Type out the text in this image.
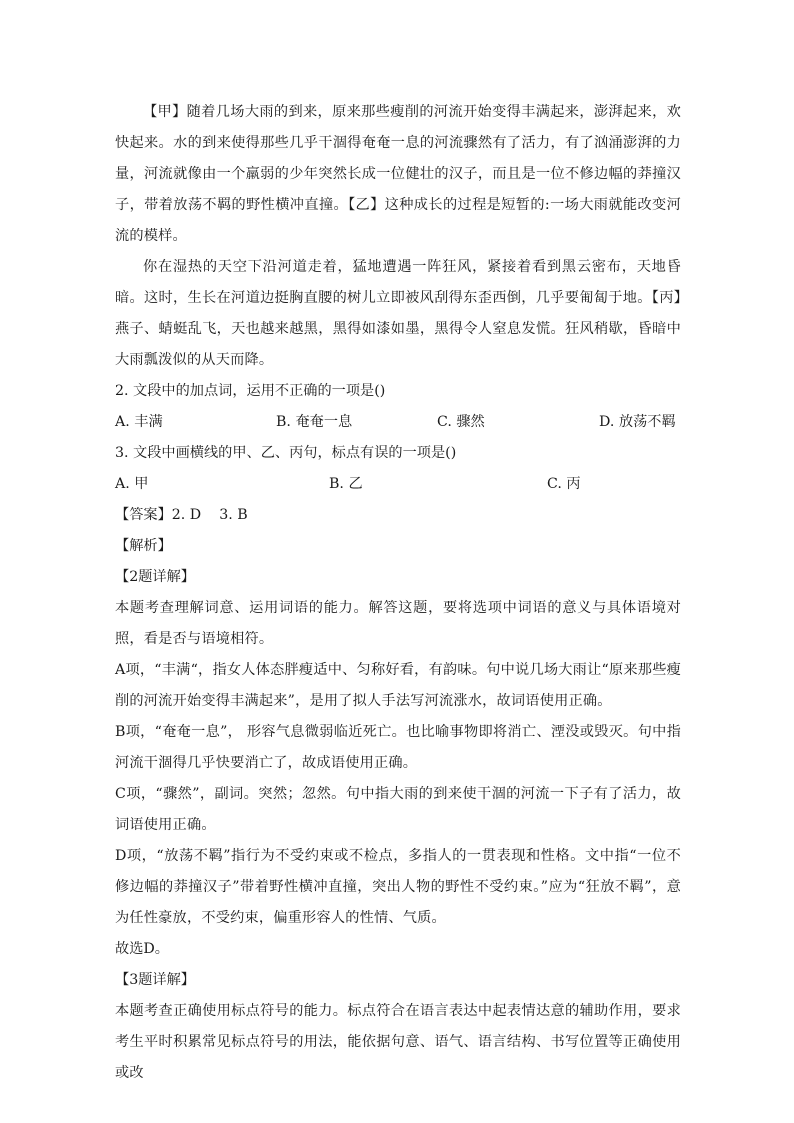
【甲】随着几场大雨的到来，原来那些瘦削的河流开始变得丰满起来，澎湃起来，欢快起来。水的到来使得那些几乎干涸得奄奄一息的河流骤然有了活力，有了汹涌澎湃的力量，河流就像由一个羸弱的少年突然长成一位健壮的汉子，而且是一位不修边幅的莽撞汉子，带着放荡不羁的野性横冲直撞。【乙】这种成长的过程是短暂的:一场大雨就能改变河流的模样。

你在湿热的天空下沿河道走着，猛地遭遇一阵狂风，紧接着看到黑云密布，天地昏暗。这时，生长在河道边挺胸直腰的树儿立即被风刮得东歪西倒，几乎要匍匐于地。【丙】燕子、蜻蜓乱飞，天也越来越黑，黑得如漆如墨，黑得令人窒息发慌。狂风稍歇，昏暗中大雨瓢泼似的从天而降。

2. 文段中的加点词，运用不正确的一项是()

A. 丰满	B. 奄奄一息	C. 骤然	D. 放荡不羁

3. 文段中画横线的甲、乙、丙句，标点有误的一项是()

A. 甲	B. 乙	C. 丙

【答案】2. D    3. B

【解析】

【2题详解】

本题考查理解词意、运用词语的能力。解答这题，要将选项中词语的意义与具体语境对照，看是否与语境相符。

A项，“丰满“，指女人体态胖瘦适中、匀称好看，有韵味。句中说几场大雨让“原来那些瘦削的河流开始变得丰满起来”，是用了拟人手法写河流涨水，故词语使用正确。

B项，“奄奄一息”， 形容气息微弱临近死亡。也比喻事物即将消亡、湮没或毁灭。句中指河流干涸得几乎快要消亡了，故成语使用正确。

C项，“骤然”，副词。突然；忽然。句中指大雨的到来使干涸的河流一下子有了活力，故词语使用正确。

D项，“放荡不羁”指行为不受约束或不检点，多指人的一贯表现和性格。文中指“一位不修边幅的莽撞汉子”带着野性横冲直撞，突出人物的野性不受约束。”应为“狂放不羁”，意为任性豪放，不受约束，偏重形容人的性情、气质。

故选D。

【3题详解】

本题考查正确使用标点符号的能力。标点符合在语言表达中起表情达意的辅助作用，要求考生平时积累常见标点符号的用法，能依据句意、语气、语言结构、书写位置等正确使用或改
